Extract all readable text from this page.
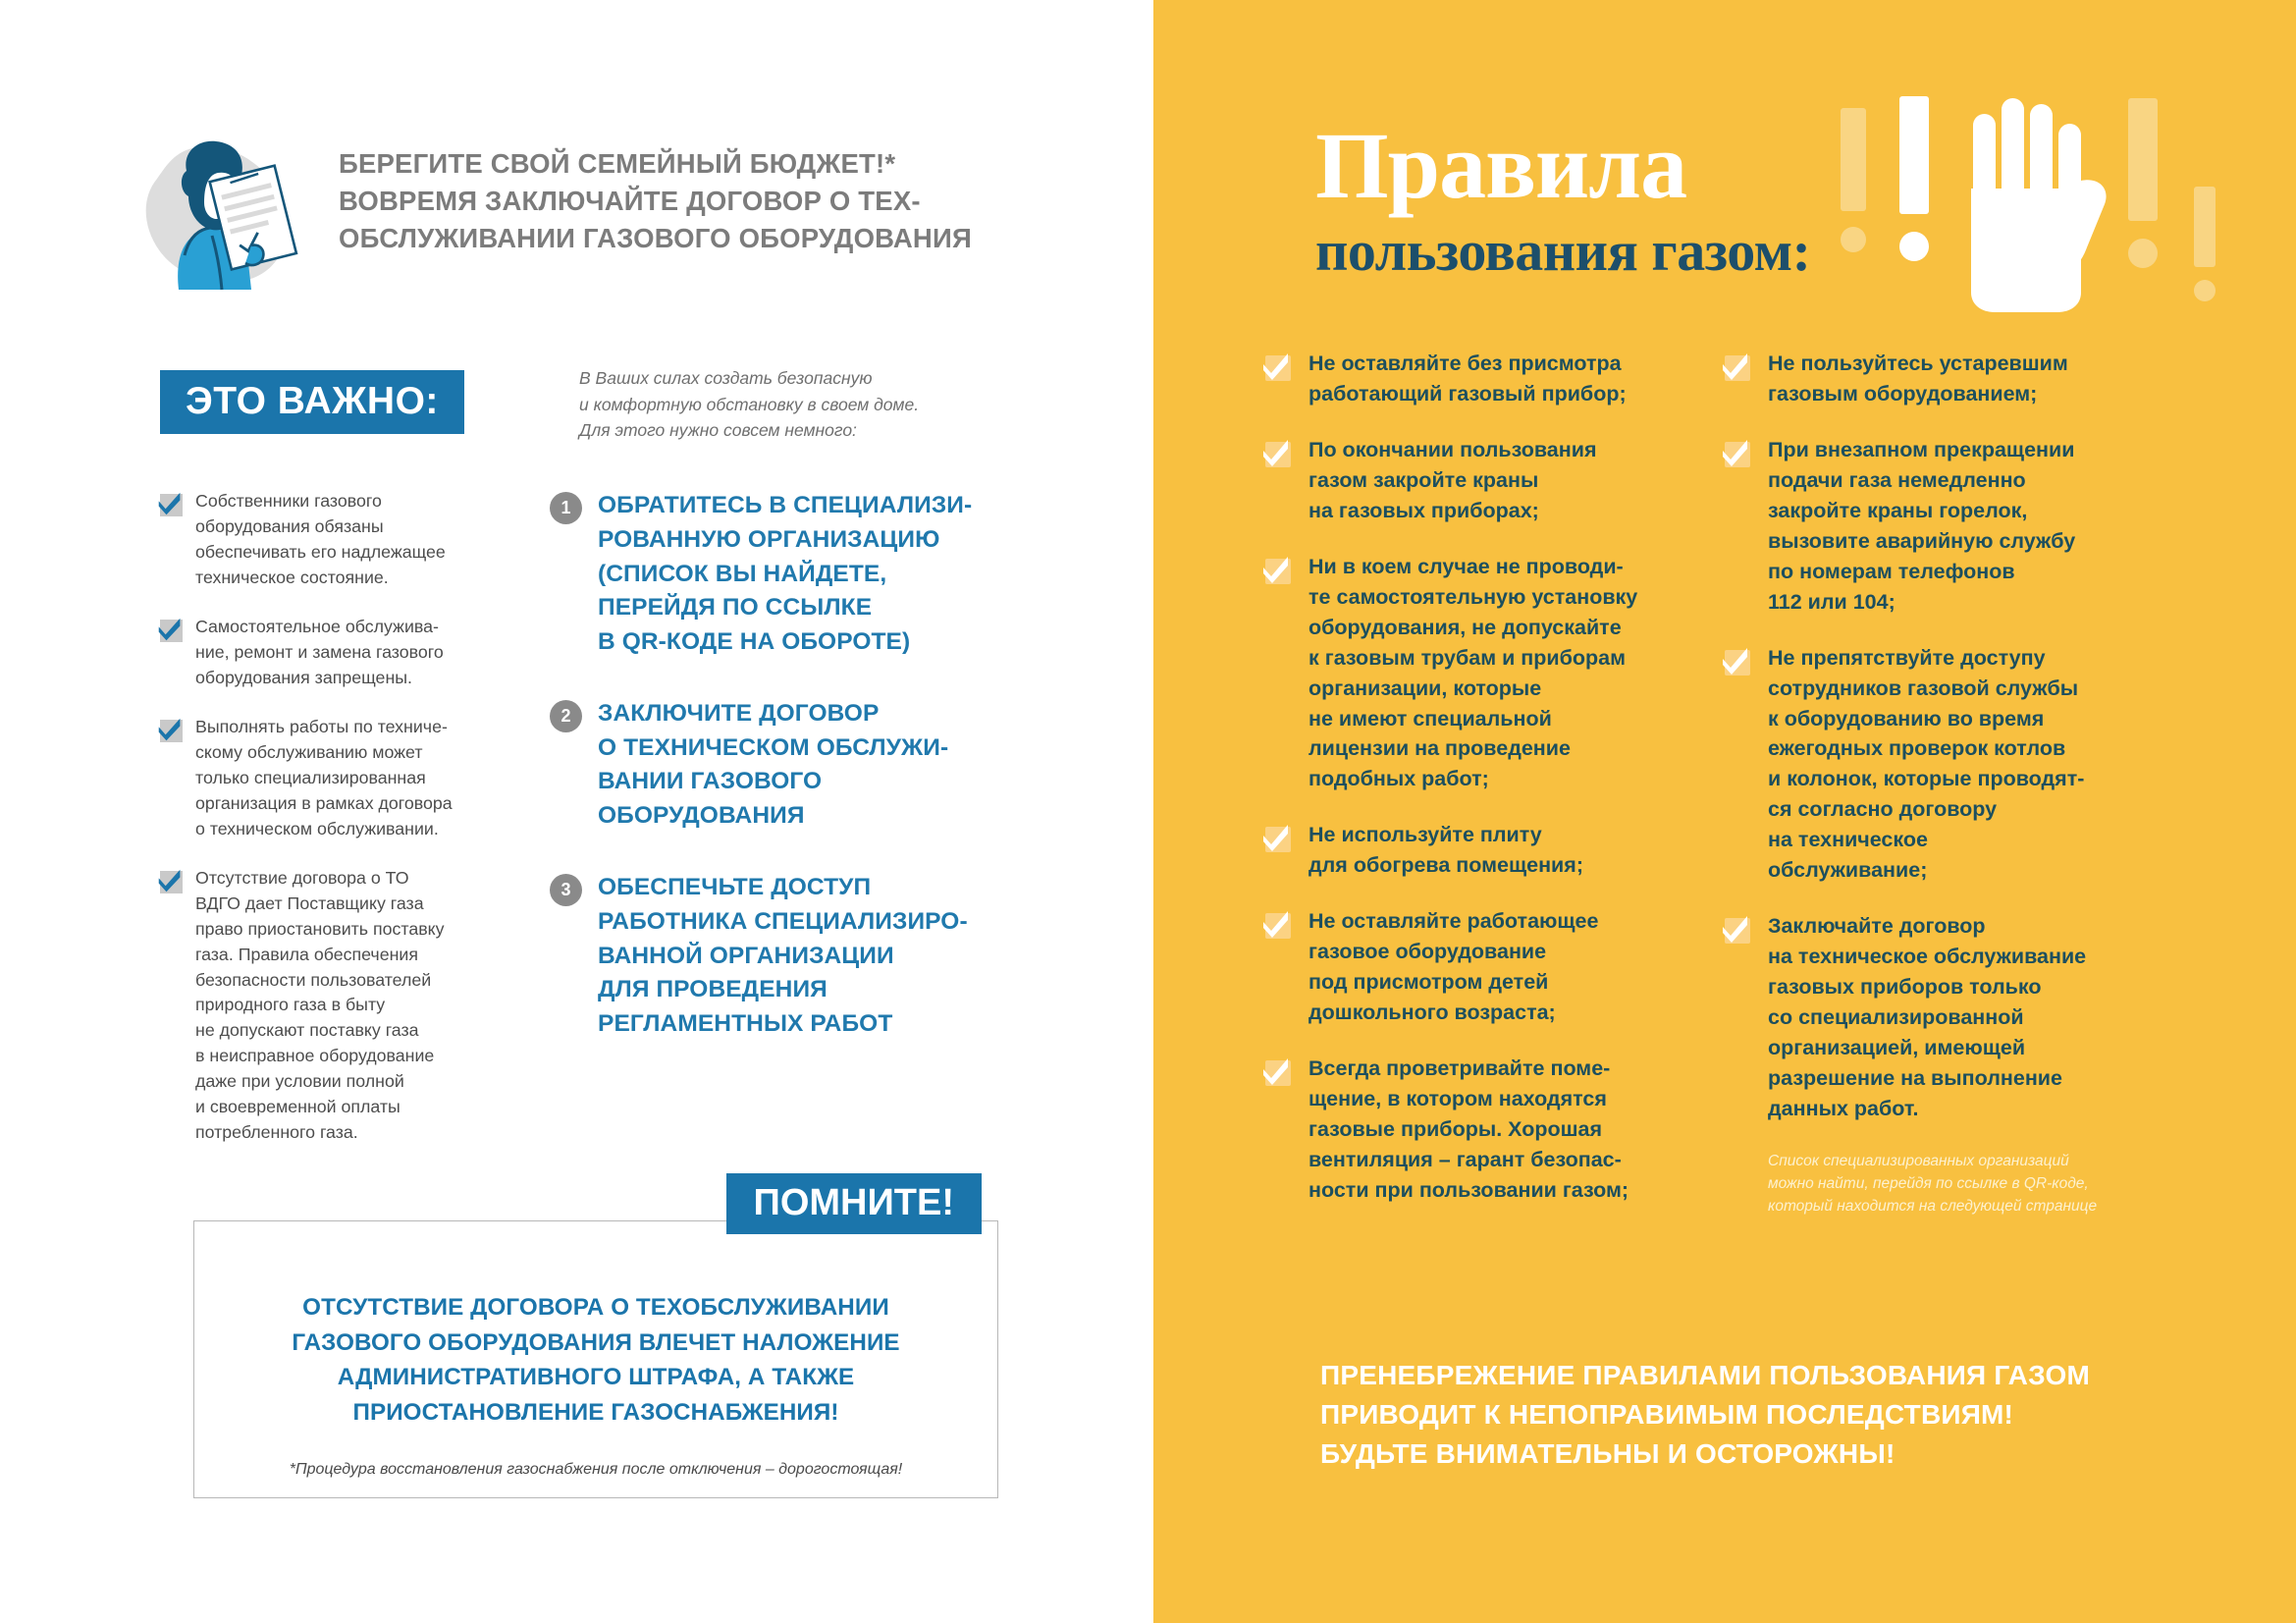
БЕРЕГИТЕ СВОЙ СЕМЕЙНЫЙ БЮДЖЕТ!*
ВОВРЕМЯ ЗАКЛЮЧАЙТЕ ДОГОВОР О ТЕХ-
ОБСЛУЖИВАНИИ ГАЗОВОГО ОБОРУДОВАНИЯ
ЭТО ВАЖНО:
В Ваших силах создать безопасную
и комфортную обстановку в своем доме.
Для этого нужно совсем немного:
Собственники газового
оборудования обязаны
обеспечивать его надлежащее
техническое состояние.
Самостоятельное обслужива-
ние, ремонт и замена газового
оборудования запрещены.
Выполнять работы по техниче-
скому обслуживанию может
только специализированная
организация в рамках договора
о техническом обслуживании.
Отсутствие договора о ТО
ВДГО дает Поставщику газа
право приостановить поставку
газа. Правила обеспечения
безопасности пользователей
природного газа в быту
не допускают поставку газа
в неисправное оборудование
даже при условии полной
и своевременной оплаты
потребленного газа.
1	ОБРАТИТЕСЬ В СПЕЦИАЛИЗИ-
РОВАННУЮ ОРГАНИЗАЦИЮ
(СПИСОК ВЫ НАЙДЕТЕ,
ПЕРЕЙДЯ ПО ССЫЛКЕ
В QR-КОДЕ НА ОБОРОТЕ)
2	ЗАКЛЮЧИТЕ ДОГОВОР
О ТЕХНИЧЕСКОМ ОБСЛУЖИ-
ВАНИИ ГАЗОВОГО
ОБОРУДОВАНИЯ
3	ОБЕСПЕЧЬТЕ ДОСТУП
РАБОТНИКА СПЕЦИАЛИЗИРО-
ВАННОЙ ОРГАНИЗАЦИИ
ДЛЯ ПРОВЕДЕНИЯ
РЕГЛАМЕНТНЫХ РАБОТ
ПОМНИТЕ!
ОТСУТСТВИЕ ДОГОВОРА О ТЕХОБСЛУЖИВАНИИ
ГАЗОВОГО ОБОРУДОВАНИЯ ВЛЕЧЕТ НАЛОЖЕНИЕ
АДМИНИСТРАТИВНОГО ШТРАФА, А ТАКЖЕ
ПРИОСТАНОВЛЕНИЕ ГАЗОСНАБЖЕНИЯ!
*Процедура восстановления газоснабжения после отключения – дорогостоящая!
Правила
пользования газом:
Не оставляйте без присмотра
работающий газовый прибор;
По окончании пользования
газом закройте краны
на газовых приборах;
Ни в коем случае не проводи-
те самостоятельную установку
оборудования, не допускайте
к газовым трубам и приборам
организации, которые
не имеют специальной
лицензии на проведение
подобных работ;
Не используйте плиту
для обогрева помещения;
Не оставляйте работающее
газовое оборудование
под присмотром детей
дошкольного возраста;
Всегда проветривайте поме-
щение, в котором находятся
газовые приборы. Хорошая
вентиляция – гарант безопас-
ности при пользовании газом;
Не пользуйтесь устаревшим
газовым оборудованием;
При внезапном прекращении
подачи газа немедленно
закройте краны горелок,
вызовите аварийную службу
по номерам телефонов
112 или 104;
Не препятствуйте доступу
сотрудников газовой службы
к оборудованию во время
ежегодных проверок котлов
и колонок, которые проводят-
ся согласно договору
на техническое
обслуживание;
Заключайте договор
на техническое обслуживание
газовых приборов только
со специализированной
организацией, имеющей
разрешение на выполнение
данных работ.
Список специализированных организаций
можно найти, перейдя по ссылке в QR-коде,
который находится на следующей странице
ПРЕНЕБРЕЖЕНИЕ ПРАВИЛАМИ ПОЛЬЗОВАНИЯ ГАЗОМ
ПРИВОДИТ К НЕПОПРАВИМЫМ ПОСЛЕДСТВИЯМ!
БУДЬТЕ ВНИМАТЕЛЬНЫ И ОСТОРОЖНЫ!
